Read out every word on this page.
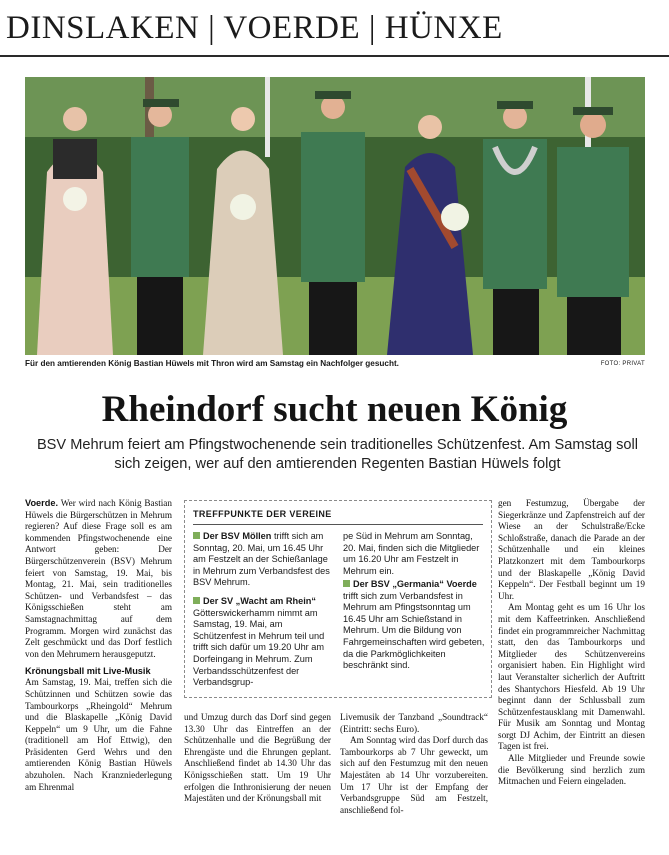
DINSLAKEN | VOERDE | HÜNXE
Für den amtierenden König Bastian Hüwels mit Thron wird am Samstag ein Nachfolger gesucht.	FOTO: PRIVAT
Rheindorf sucht neuen König
BSV Mehrum feiert am Pfingstwochenende sein traditionelles Schützenfest. Am Samstag soll sich zeigen, wer auf den amtierenden Regenten Bastian Hüwels folgt

Voerde. Wer wird nach König Bastian Hüwels die Bürgerschützen in Mehrum regieren? Auf diese Frage soll es am kommenden Pfingstwochenende eine Antwort geben: Der Bürgerschützenverein (BSV) Mehrum feiert von Samstag, 19. Mai, bis Montag, 21. Mai, sein traditionelles Schützen- und Verbandsfest – das Königsschießen steht am Samstagnachmittag auf dem Programm. Morgen wird zunächst das Zelt geschmückt und das Dorf festlich von den Mehrumern herausgeputzt.

Krönungsball mit Live-Musik

Am Samstag, 19. Mai, treffen sich die Schützinnen und Schützen sowie das Tambourkorps „Rheingold“ Mehrum und die Blaskapelle „König David Keppeln“ um 9 Uhr, um die Fahne (traditionell am Hof Ettwig), den Präsidenten Gerd Wehrs und den amtierenden König Bastian Hüwels abzuholen. Nach Kranzniederlegung am Ehrenmal

TREFFPUNKTE DER VEREINE
Der BSV Möllen trifft sich am Sonntag, 20. Mai, um 16.45 Uhr am Festzelt an der Schießanlage in Mehrum zum Verbandsfest des BSV Mehrum.
Der SV „Wacht am Rhein“ Götterswickerhamm nimmt am Samstag, 19. Mai, am Schützenfest in Mehrum teil und trifft sich dafür um 19.20 Uhr am Dorfeingang in Mehrum. Zum Verbandsschützenfest der Verbandsgrup-
pe Süd in Mehrum am Sonntag, 20. Mai, finden sich die Mitglieder um 16.20 Uhr am Festzelt in Mehrum ein.
Der BSV „Germania“ Voerde trifft sich zum Verbandsfest in Mehrum am Pfingstsonntag um 16.45 Uhr am Schießstand in Mehrum. Um die Bildung von Fahrgemeinschaften wird gebeten, da die Parkmöglichkeiten beschränkt sind.

und Umzug durch das Dorf sind gegen 13.30 Uhr das Eintreffen an der Schützenhalle und die Begrüßung der Ehrengäste und die Ehrungen geplant. Anschließend findet ab 14.30 Uhr das Königsschießen statt. Um 19 Uhr erfolgen die Inthronisierung der neuen Majestäten und der Krönungsball mit

Livemusik der Tanzband „Soundtrack“ (Eintritt: sechs Euro).

Am Sonntag wird das Dorf durch das Tambourkorps ab 7 Uhr geweckt, um sich auf den Festumzug mit den neuen Majestäten ab 14 Uhr vorzubereiten. Um 17 Uhr ist der Empfang der Verbandsgruppe Süd am Festzelt, anschließend fol-

gen Festumzug, Übergabe der Siegerkränze und Zapfenstreich auf der Wiese an der Schulstraße/Ecke Schloßstraße, danach die Parade an der Schützenhalle und ein kleines Platzkonzert mit dem Tambourkorps und der Blaskapelle „König David Keppeln“. Der Festball beginnt um 19 Uhr.

Am Montag geht es um 16 Uhr los mit dem Kaffeetrinken. Anschließend findet ein programmreicher Nachmittag statt, den das Tambourkorps und Mitglieder des Schützenvereins organisiert haben. Ein Highlight wird laut Veranstalter sicherlich der Auftritt des Shantychors Hiesfeld. Ab 19 Uhr beginnt dann der Schlussball zum Schützenfestausklang mit Damenwahl. Für Musik am Sonntag und Montag sorgt DJ Achim, der Eintritt an diesen Tagen ist frei.

Alle Mitglieder und Freunde sowie die Bevölkerung sind herzlich zum Mitmachen und Feiern eingeladen.
